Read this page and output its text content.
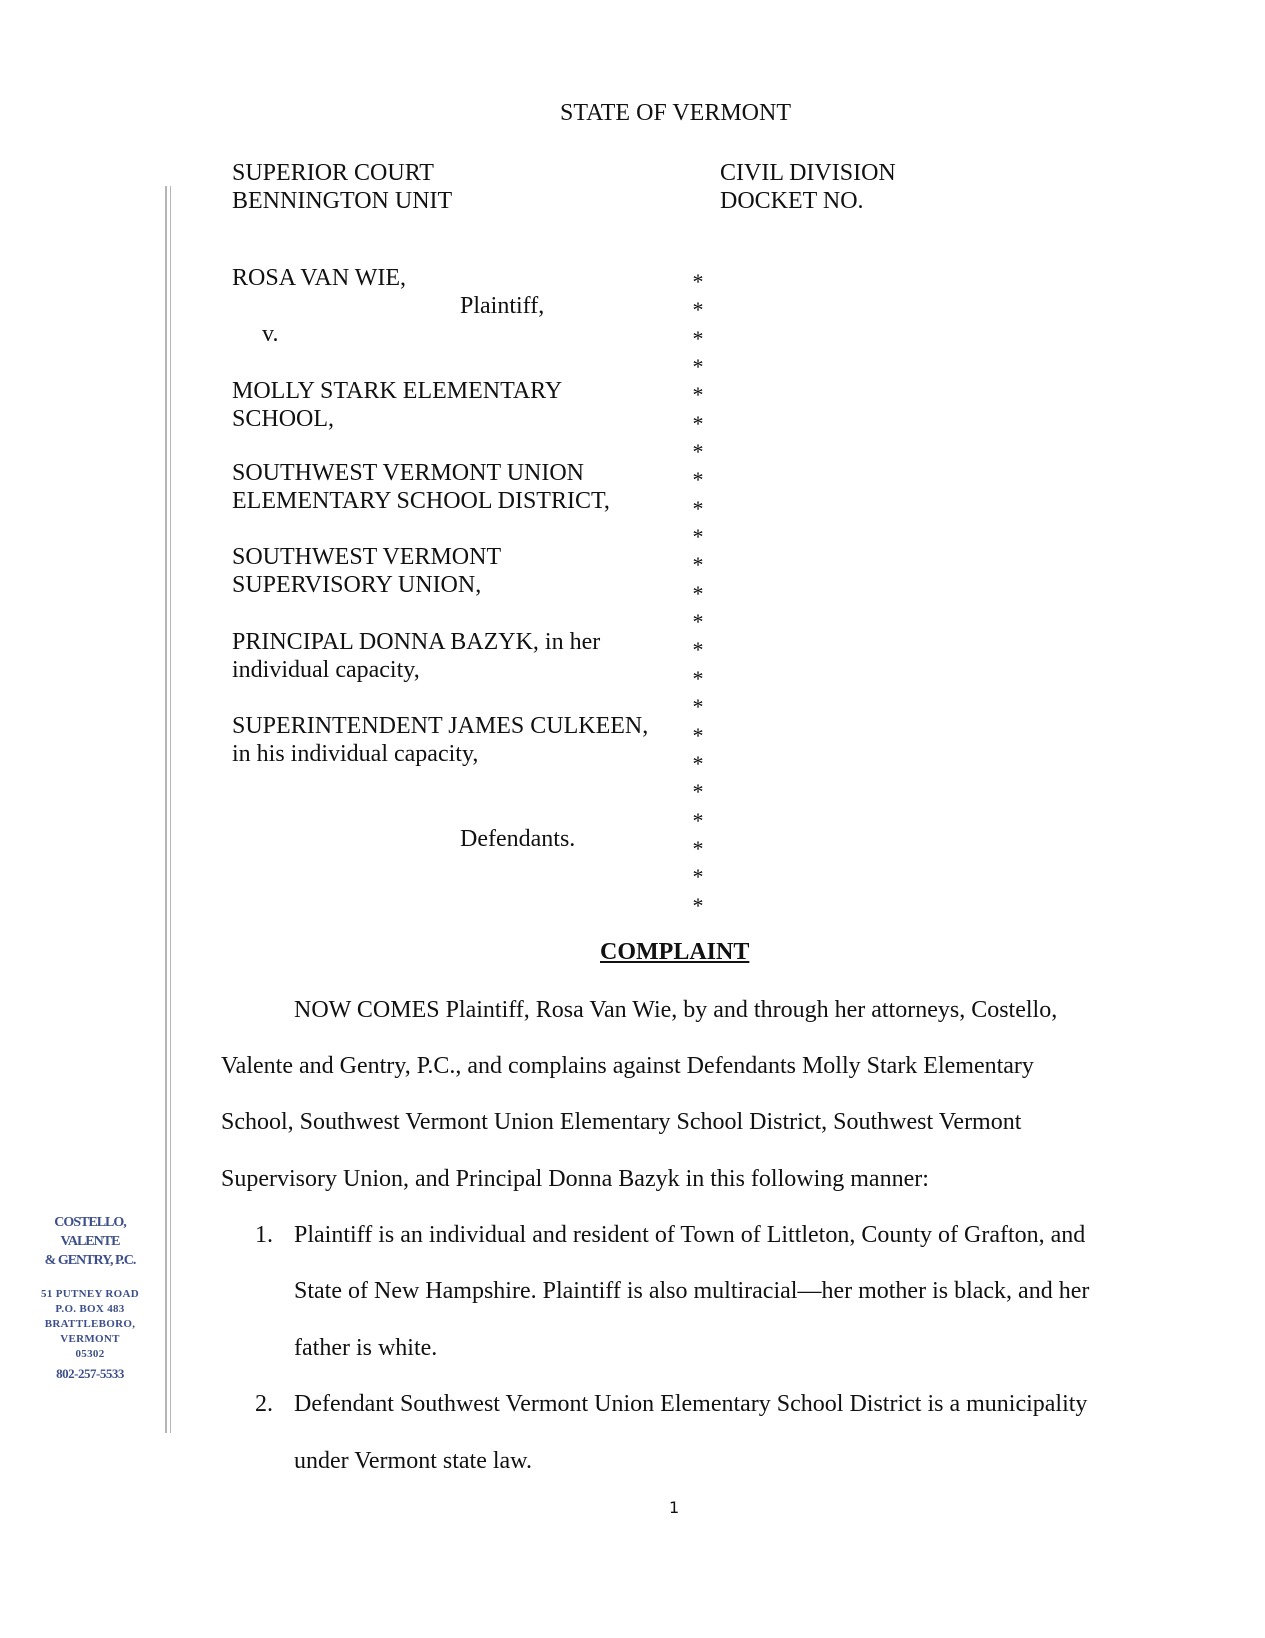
STATE OF VERMONT
SUPERIOR COURT
BENNINGTON UNIT
CIVIL DIVISION
DOCKET NO.
ROSA VAN WIE,
Plaintiff,
v.
MOLLY STARK ELEMENTARY
SCHOOL,
SOUTHWEST VERMONT UNION
ELEMENTARY SCHOOL DISTRICT,
SOUTHWEST VERMONT
SUPERVISORY UNION,
PRINCIPAL DONNA BAZYK, in her
individual capacity,
SUPERINTENDENT JAMES CULKEEN,
in his individual capacity,
Defendants.
*
*
*
*
*
*
*
*
*
*
*
*
*
*
*
*
*
*
*
*
*
*
*
COMPLAINT
NOW COMES Plaintiff, Rosa Van Wie, by and through her attorneys, Costello,
Valente and Gentry, P.C., and complains against Defendants Molly Stark Elementary
School, Southwest Vermont Union Elementary School District, Southwest Vermont
Supervisory Union, and Principal Donna Bazyk in this following manner:
1. Plaintiff is an individual and resident of Town of Littleton, County of Grafton, and
State of New Hampshire. Plaintiff is also multiracial—her mother is black, and her
father is white.
2. Defendant Southwest Vermont Union Elementary School District is a municipality
under Vermont state law.
1
COSTELLO,
VALENTE
& GENTRY, P.C.
51 PUTNEY ROAD
P.O. BOX 483
BRATTLEBORO,
VERMONT
05302
802-257-5533
